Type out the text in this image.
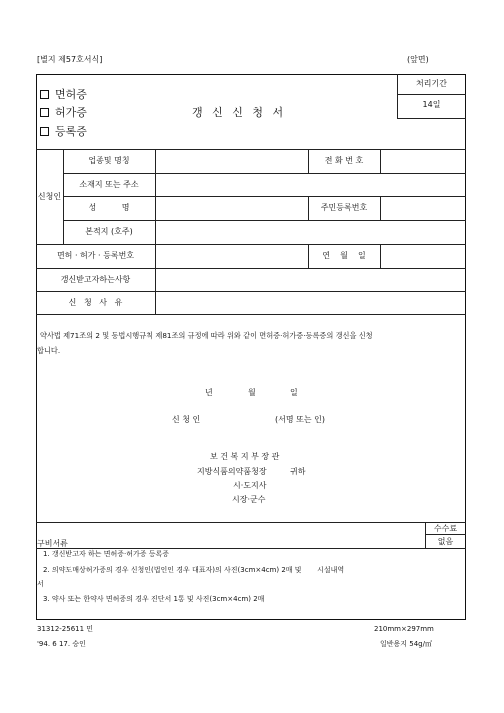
[별지 제57호서식]	(앞면)
면허증
허가증
등록증
갱 신 신 청 서
처리기간
14일
신청인
업종및 명칭	전 화 번 호
소재지 또는 주소
성          명	주민등록번호
본적지 (호주)
면허 · 허가 · 등록번호	연    월    일
갱신받고자하는사항
신   청   사   유
약사법 제71조의 2 및 동법시행규칙 제81조의 규정에 따라 위와 같이 면허증·허가증·등록증의 갱신을 신청
합니다.
년	월	일
신 청 인	(서명 또는 인)
보 건 복 지 부 장 관
지방식품의약품청장	귀하
시·도지사
시장·군수
수수료
없음
구비서류
1. 갱신받고자 하는 면허증·허가증 등록증
2. 의약도매상허가증의 경우 신청인(법인인 경우 대표자)의 사진(3cm×4cm) 2매 및       시설내역
서
3. 약사 또는 한약사 면허증의 경우 진단서 1통 및 사진(3cm×4cm) 2매
31312-25611 민	210mm×297mm
'94. 6 17. 승인	일반용지 54g/㎡
